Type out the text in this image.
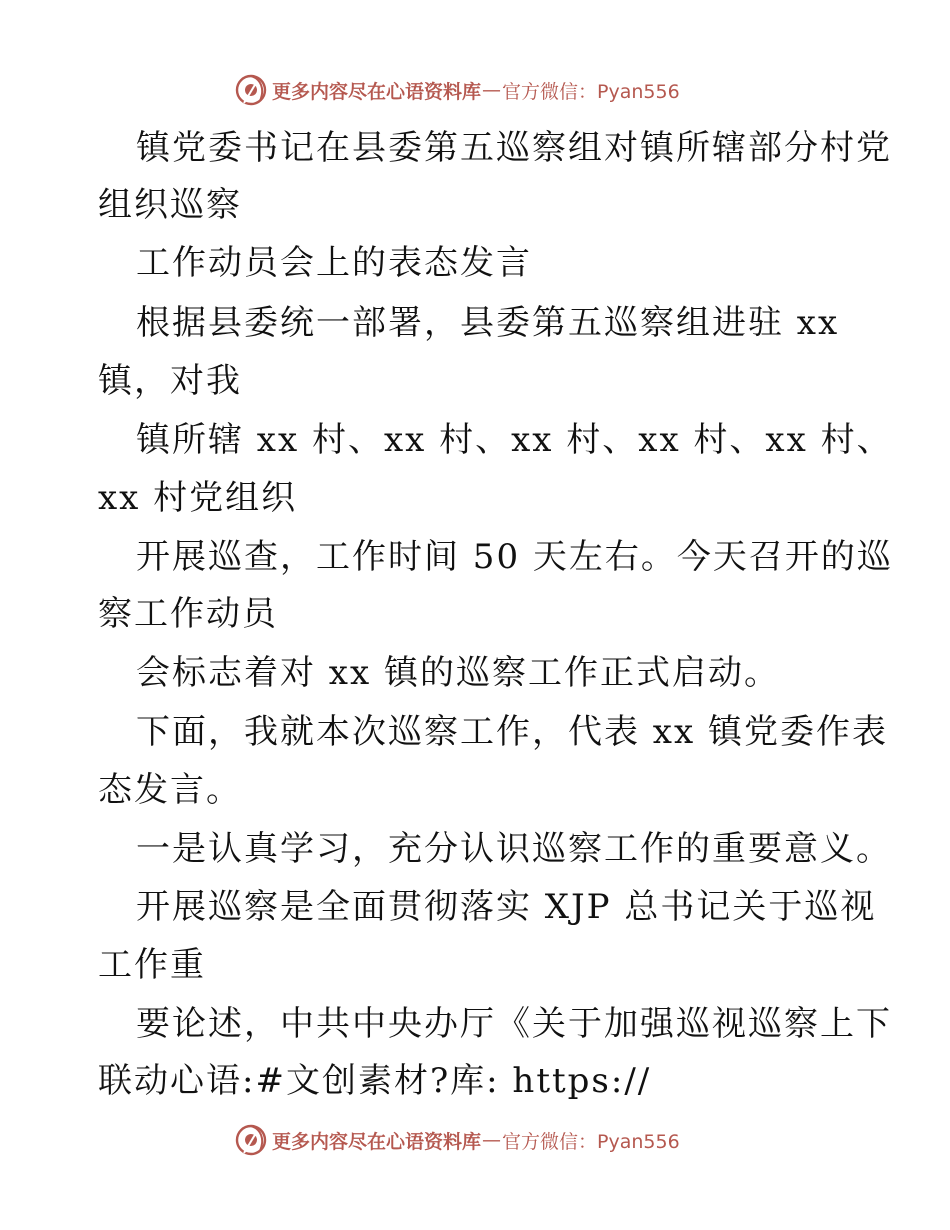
更多内容尽在心语资料库 — 官方微信：Pyan556
镇党委书记在县委第五巡察组对镇所辖部分村党
组织巡察
工作动员会上的表态发言
根据县委统一部署，县委第五巡察组进驻 xx
镇，对我
镇所辖 xx 村、xx 村、xx 村、xx 村、xx 村、
xx 村党组织
开展巡查，工作时间 50 天左右。今天召开的巡
察工作动员
会标志着对 xx 镇的巡察工作正式启动。
下面，我就本次巡察工作，代表 xx 镇党委作表
态发言。
一是认真学习，充分认识巡察工作的重要意义。
开展巡察是全面贯彻落实 XJP 总书记关于巡视
工作重
要论述，中共中央办厅《关于加强巡视巡察上下
联动心语:#文创素材?库: https://
更多内容尽在心语资料库 — 官方微信：Pyan556
